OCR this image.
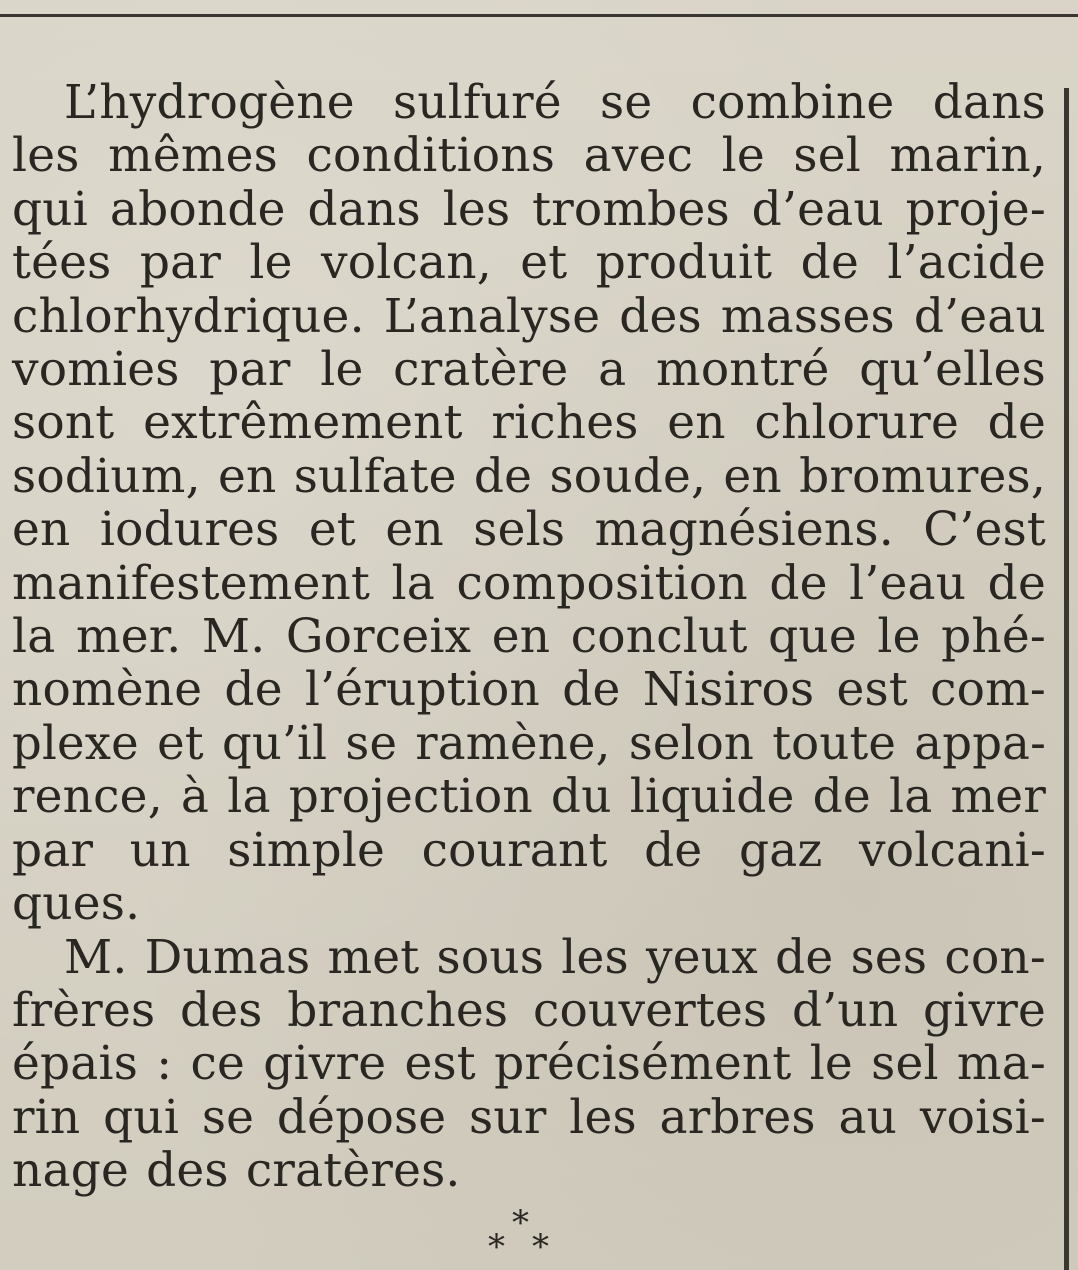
L’hydrogène sulfuré se combine dans
les mêmes conditions avec le sel marin,
qui abonde dans les trombes d’eau proje-
tées par le volcan, et produit de l’acide
chlorhydrique. L’analyse des masses d’eau
vomies par le cratère a montré qu’elles
sont extrêmement riches en chlorure de
sodium, en sulfate de soude, en bromures,
en iodures et en sels magnésiens. C’est
manifestement la composition de l’eau de
la mer. M. Gorceix en conclut que le phé-
nomène de l’éruption de Nisiros est com-
plexe et qu’il se ramène, selon toute appa-
rence, à la projection du liquide de la mer
par un simple courant de gaz volcani-
ques.

M. Dumas met sous les yeux de ses con-
frères des branches couvertes d’un givre
épais : ce givre est précisément le sel ma-
rin qui se dépose sur les arbres au voisi-
nage des cratères.

*
* *
